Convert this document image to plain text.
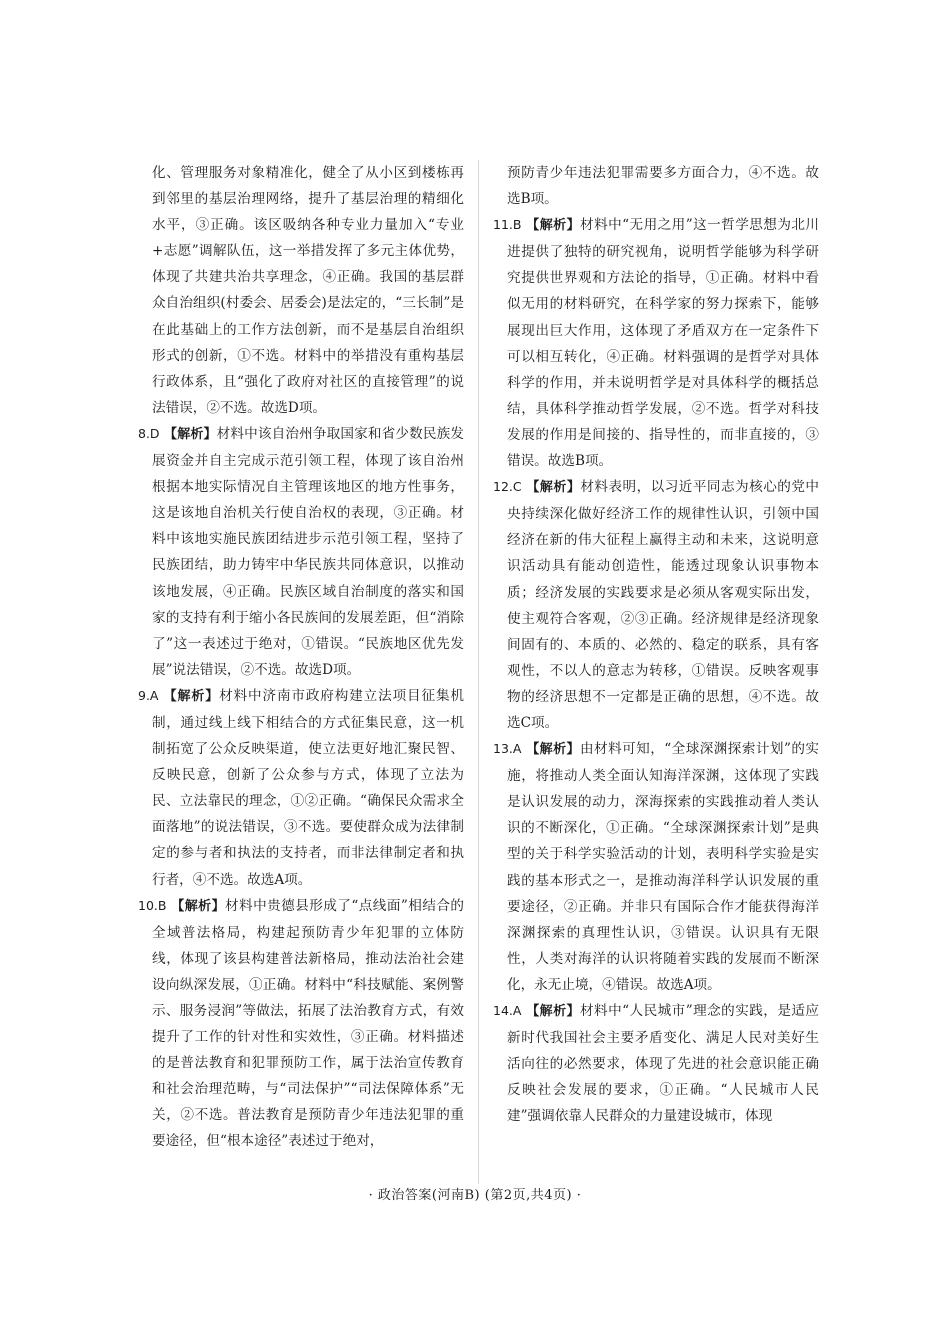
化、管理服务对象精准化，健全了从小区到楼栋再到邻里的基层治理网络，提升了基层治理的精细化水平，③正确。该区吸纳各种专业力量加入“专业+志愿”调解队伍，这一举措发挥了多元主体优势，体现了共建共治共享理念，④正确。我国的基层群众自治组织(村委会、居委会)是法定的，“三长制”是在此基础上的工作方法创新，而不是基层自治组织形式的创新，①不选。材料中的举措没有重构基层行政体系，且“强化了政府对社区的直接管理”的说法错误，②不选。故选D项。

8.D 【解析】材料中该自治州争取国家和省少数民族发展资金并自主完成示范引领工程，体现了该自治州根据本地实际情况自主管理该地区的地方性事务，这是该地自治机关行使自治权的表现，③正确。材料中该地实施民族团结进步示范引领工程，坚持了民族团结，助力铸牢中华民族共同体意识，以推动该地发展，④正确。民族区域自治制度的落实和国家的支持有利于缩小各民族间的发展差距，但“消除了”这一表述过于绝对，①错误。“民族地区优先发展”说法错误，②不选。故选D项。

9.A 【解析】材料中济南市政府构建立法项目征集机制，通过线上线下相结合的方式征集民意，这一机制拓宽了公众反映渠道，使立法更好地汇聚民智、反映民意，创新了公众参与方式，体现了立法为民、立法靠民的理念，①②正确。“确保民众需求全面落地”的说法错误，③不选。要使群众成为法律制定的参与者和执法的支持者，而非法律制定者和执行者，④不选。故选A项。

10.B 【解析】材料中贵德县形成了“点线面”相结合的全域普法格局，构建起预防青少年犯罪的立体防线，体现了该县构建普法新格局，推动法治社会建设向纵深发展，①正确。材料中“科技赋能、案例警示、服务浸润”等做法，拓展了法治教育方式，有效提升了工作的针对性和实效性，③正确。材料描述的是普法教育和犯罪预防工作，属于法治宣传教育和社会治理范畴，与“司法保护”“司法保障体系”无关，②不选。普法教育是预防青少年违法犯罪的重要途径，但“根本途径”表述过于绝对，

预防青少年违法犯罪需要多方面合力，④不选。故选B项。

11.B 【解析】材料中“无用之用”这一哲学思想为北川进提供了独特的研究视角，说明哲学能够为科学研究提供世界观和方法论的指导，①正确。材料中看似无用的材料研究，在科学家的努力探索下，能够展现出巨大作用，这体现了矛盾双方在一定条件下可以相互转化，④正确。材料强调的是哲学对具体科学的作用，并未说明哲学是对具体科学的概括总结，具体科学推动哲学发展，②不选。哲学对科技发展的作用是间接的、指导性的，而非直接的，③错误。故选B项。

12.C 【解析】材料表明，以习近平同志为核心的党中央持续深化做好经济工作的规律性认识，引领中国经济在新的伟大征程上赢得主动和未来，这说明意识活动具有能动创造性，能透过现象认识事物本质；经济发展的实践要求是必须从客观实际出发，使主观符合客观，②③正确。经济规律是经济现象间固有的、本质的、必然的、稳定的联系，具有客观性，不以人的意志为转移，①错误。反映客观事物的经济思想不一定都是正确的思想，④不选。故选C项。

13.A 【解析】由材料可知，“全球深渊探索计划”的实施，将推动人类全面认知海洋深渊，这体现了实践是认识发展的动力，深海探索的实践推动着人类认识的不断深化，①正确。“全球深渊探索计划”是典型的关于科学实验活动的计划，表明科学实验是实践的基本形式之一，是推动海洋科学认识发展的重要途径，②正确。并非只有国际合作才能获得海洋深渊探索的真理性认识，③错误。认识具有无限性，人类对海洋的认识将随着实践的发展而不断深化，永无止境，④错误。故选A项。

14.A 【解析】材料中“人民城市”理念的实践，是适应新时代我国社会主要矛盾变化、满足人民对美好生活向往的必然要求，体现了先进的社会意识能正确反映社会发展的要求，①正确。“人民城市人民建”强调依靠人民群众的力量建设城市，体现

· 政治答案(河南B) (第2页,共4页) ·
